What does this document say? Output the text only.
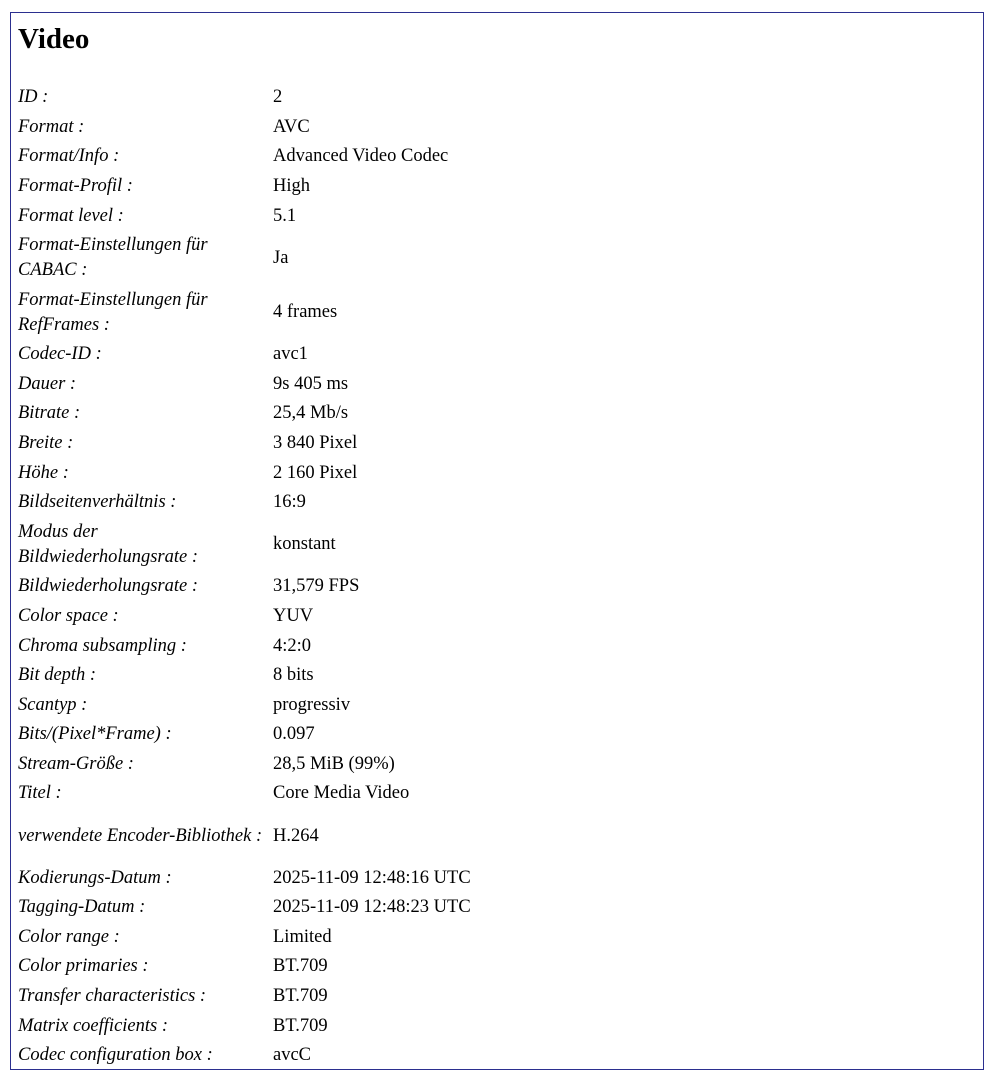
Video
ID :	2
Format :	AVC
Format/Info :	Advanced Video Codec
Format-Profil :	High
Format level :	5.1
Format-Einstellungen für CABAC :	Ja
Format-Einstellungen für RefFrames :	4 frames
Codec-ID :	avc1
Dauer :	9s 405 ms
Bitrate :	25,4 Mb/s
Breite :	3 840 Pixel
Höhe :	2 160 Pixel
Bildseitenverhältnis :	16:9
Modus der Bildwiederholungsrate :	konstant
Bildwiederholungsrate :	31,579 FPS
Color space :	YUV
Chroma subsampling :	4:2:0
Bit depth :	8 bits
Scantyp :	progressiv
Bits/(Pixel*Frame) :	0.097
Stream-Größe :	28,5 MiB (99%)
Titel :	Core Media Video
verwendete Encoder-Bibliothek :	H.264
Kodierungs-Datum :	2025-11-09 12:48:16 UTC
Tagging-Datum :	2025-11-09 12:48:23 UTC
Color range :	Limited
Color primaries :	BT.709
Transfer characteristics :	BT.709
Matrix coefficients :	BT.709
Codec configuration box :	avcC
